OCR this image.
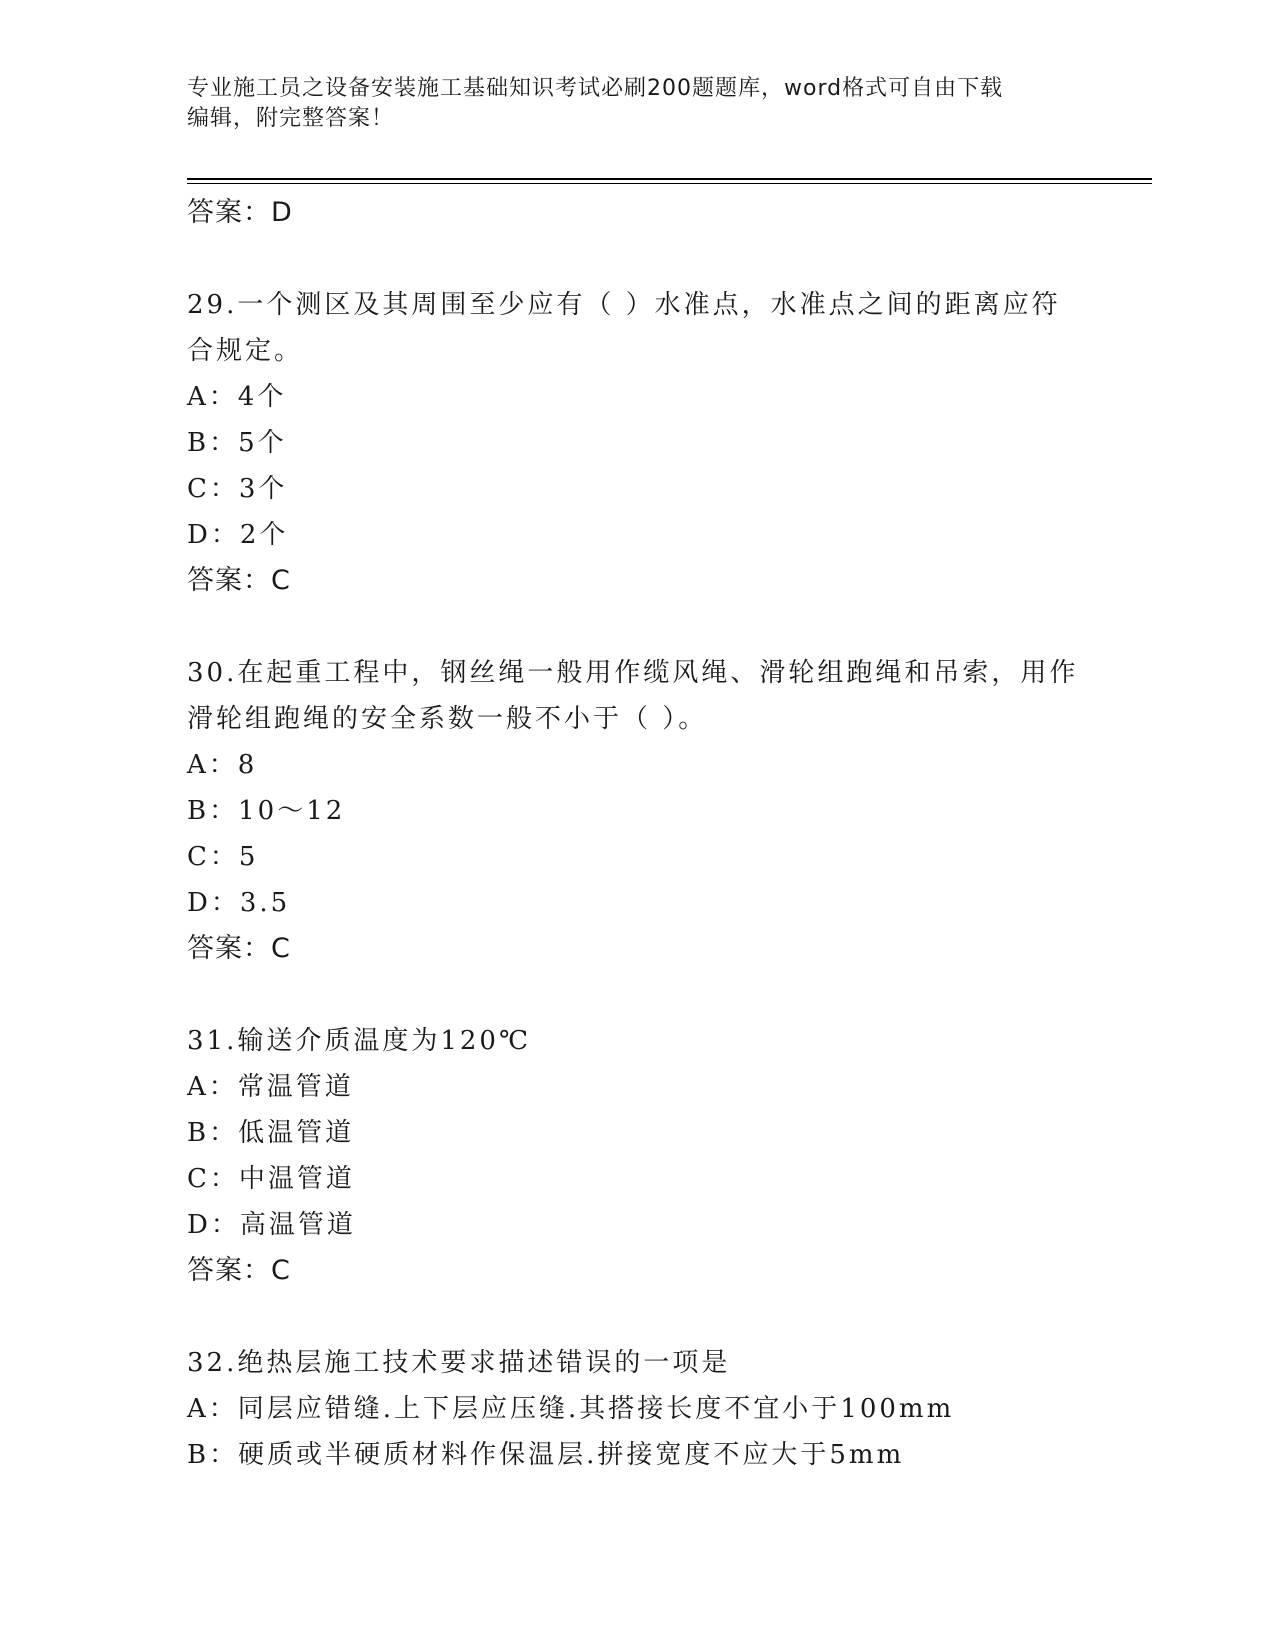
专业施工员之设备安装施工基础知识考试必刷200题题库，word格式可自由下载
编辑，附完整答案！
答案：D
29.一个测区及其周围至少应有（ ）水准点，水准点之间的距离应符
合规定。
A：4个
B：5个
C：3个
D：2个
答案：C
30.在起重工程中，钢丝绳一般用作缆风绳、滑轮组跑绳和吊索，用作
滑轮组跑绳的安全系数一般不小于（ ）。
A：8
B：10～12
C：5
D：3.5
答案：C
31.输送介质温度为120℃
A：常温管道
B：低温管道
C：中温管道
D：高温管道
答案：C
32.绝热层施工技术要求描述错误的一项是
A：同层应错缝.上下层应压缝.其搭接长度不宜小于100mm
B：硬质或半硬质材料作保温层.拼接宽度不应大于5mm
